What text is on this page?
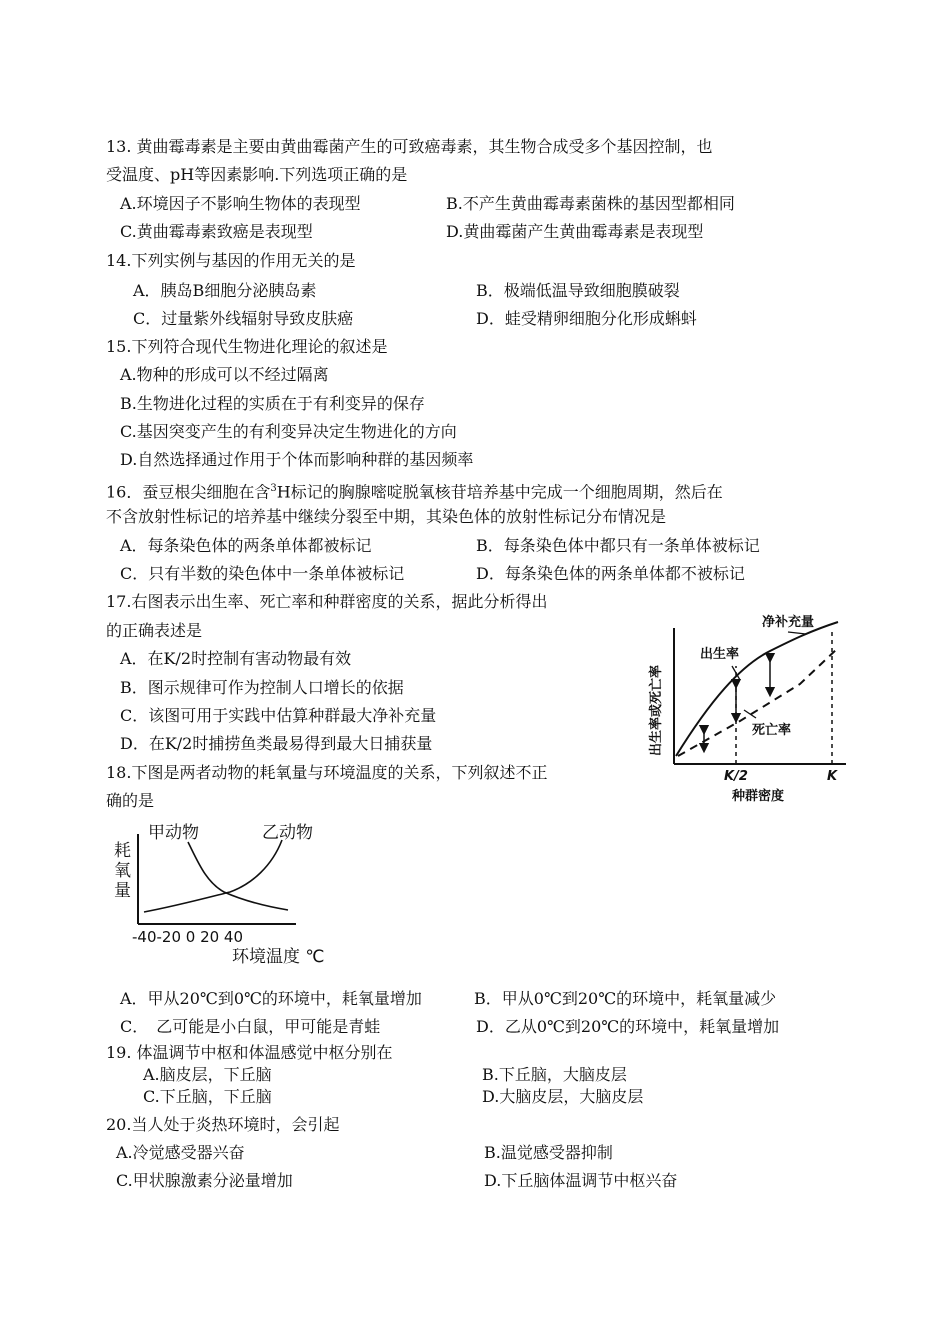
13. 黄曲霉毒素是主要由黄曲霉菌产生的可致癌毒素，其生物合成受多个基因控制，也
受温度、pH等因素影响.下列选项正确的是
A.环境因子不影响生物体的表现型	B.不产生黄曲霉毒素菌株的基因型都相同
C.黄曲霉毒素致癌是表现型	D.黄曲霉菌产生黄曲霉毒素是表现型
14.下列实例与基因的作用无关的是
A．胰岛B细胞分泌胰岛素	B．极端低温导致细胞膜破裂
C．过量紫外线辐射导致皮肤癌	D．蛙受精卵细胞分化形成蝌蚪
15.下列符合现代生物进化理论的叙述是
A.物种的形成可以不经过隔离
B.生物进化过程的实质在于有利变异的保存
C.基因突变产生的有利变异决定生物进化的方向
D.自然选择通过作用于个体而影响种群的基因频率
16．蚕豆根尖细胞在含$^3$H标记的胸腺嘧啶脱氧核苷培养基中完成一个细胞周期，然后在
不含放射性标记的培养基中继续分裂至中期，其染色体的放射性标记分布情况是
A．每条染色体的两条单体都被标记	B．每条染色体中都只有一条单体被标记
C．只有半数的染色体中一条单体被标记	D．每条染色体的两条单体都不被标记
17.右图表示出生率、死亡率和种群密度的关系，据此分析得出
的正确表述是
A．在K/2时控制有害动物最有效
B．图示规律可作为控制人口增长的依据
C．该图可用于实践中估算种群最大净补充量
D．在K/2时捕捞鱼类最易得到最大日捕获量
净补充量
出生率
死亡率
出生率或死亡率
K/2	K
种群密度
18.下图是两者动物的耗氧量与环境温度的关系，下列叙述不正
确的是
甲动物	乙动物
耗
氧
量
-40-20 0 20 40
环境温度 ℃
A．甲从20℃到0℃的环境中，耗氧量增加	B．甲从0℃到20℃的环境中，耗氧量减少
C．　乙可能是小白鼠，甲可能是青蛙	D．乙从0℃到20℃的环境中，耗氧量增加
19. 体温调节中枢和体温感觉中枢分别在
A.脑皮层，下丘脑	B.下丘脑，大脑皮层
C.下丘脑，下丘脑	D.大脑皮层，大脑皮层
20.当人处于炎热环境时，会引起
A.冷觉感受器兴奋	B.温觉感受器抑制
C.甲状腺激素分泌量增加	D.下丘脑体温调节中枢兴奋
